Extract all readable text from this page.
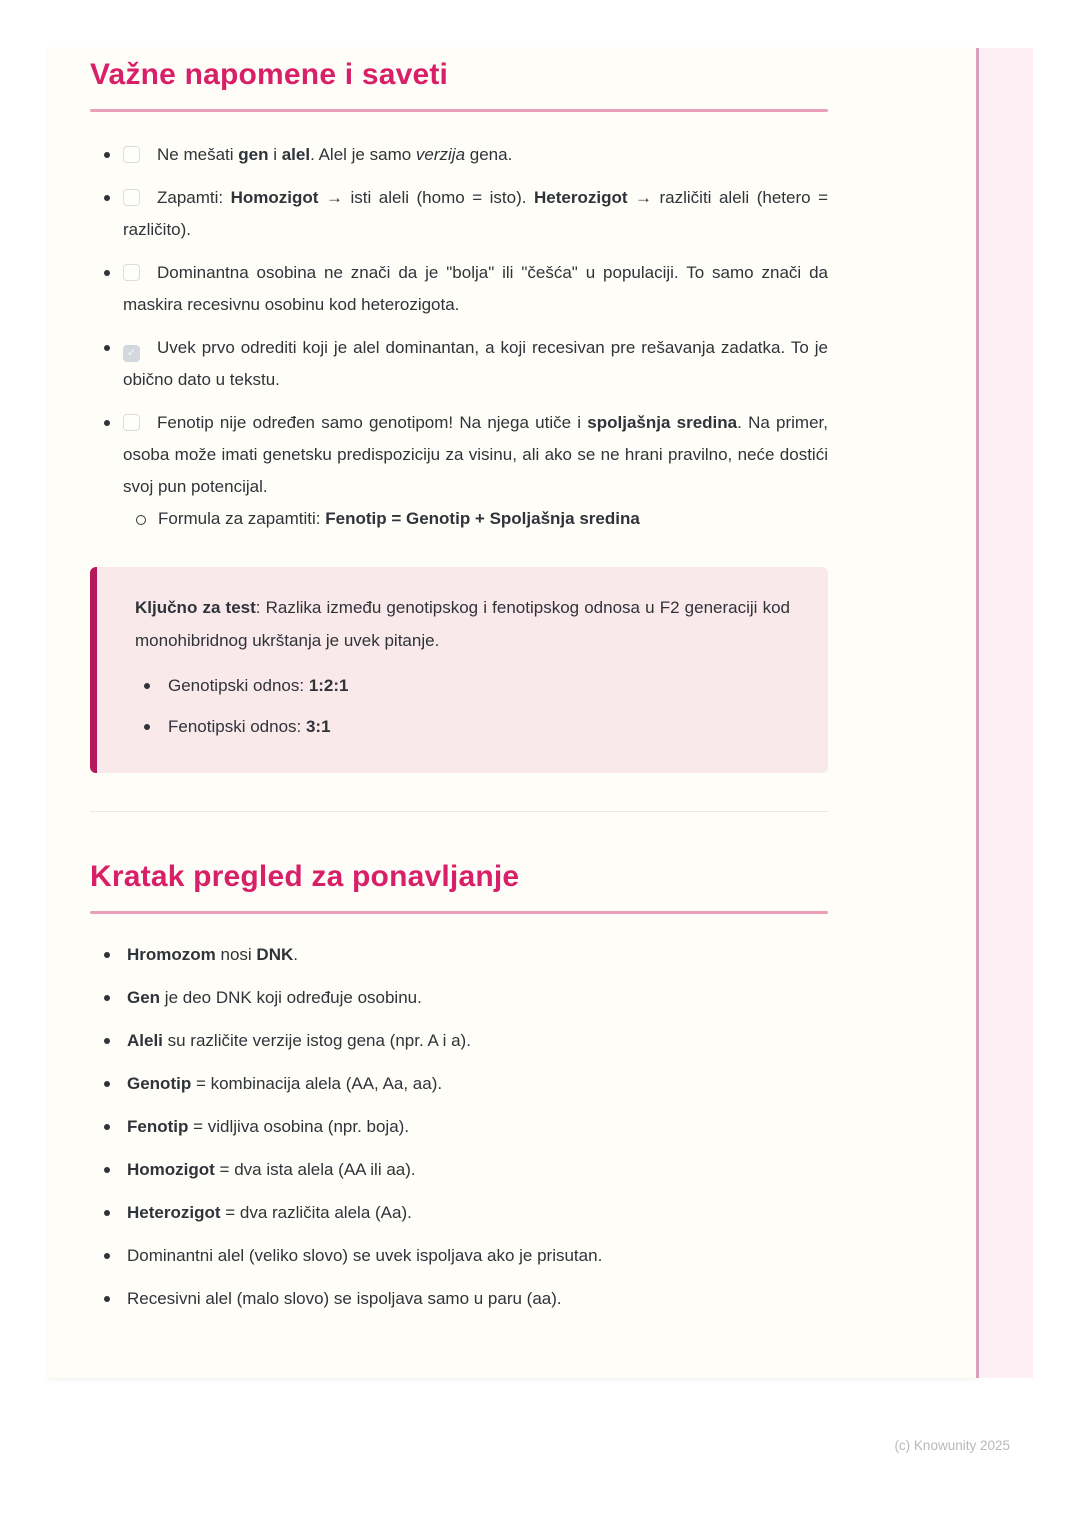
Važne napomene i saveti
Ne mešati gen i alel. Alel je samo verzija gena.
Zapamti: Homozigot → isti aleli (homo = isto). Heterozigot → različiti aleli (hetero = različito).
Dominantna osobina ne znači da je "bolja" ili "češća" u populaciji. To samo znači da maskira recesivnu osobinu kod heterozigota.
✓ Uvek prvo odrediti koji je alel dominantan, a koji recesivan pre rešavanja zadatka. To je obično dato u tekstu.
Fenotip nije određen samo genotipom! Na njega utiče i spoljašnja sredina. Na primer, osoba može imati genetsku predispoziciju za visinu, ali ako se ne hrani pravilno, neće dostići svoj pun potencijal.
Formula za zapamtiti: Fenotip = Genotip + Spoljašnja sredina

Ključno za test: Razlika između genotipskog i fenotipskog odnosa u F2 generaciji kod monohibridnog ukrštanja je uvek pitanje.

Genotipski odnos: 1:2:1
Fenotipski odnos: 3:1
Kratak pregled za ponavljanje
Hromozom nosi DNK.
Gen je deo DNK koji određuje osobinu.
Aleli su različite verzije istog gena (npr. A i a).
Genotip = kombinacija alela (AA, Aa, aa).
Fenotip = vidljiva osobina (npr. boja).
Homozigot = dva ista alela (AA ili aa).
Heterozigot = dva različita alela (Aa).
Dominantni alel (veliko slovo) se uvek ispoljava ako je prisutan.
Recesivni alel (malo slovo) se ispoljava samo u paru (aa).
(c) Knowunity 2025
